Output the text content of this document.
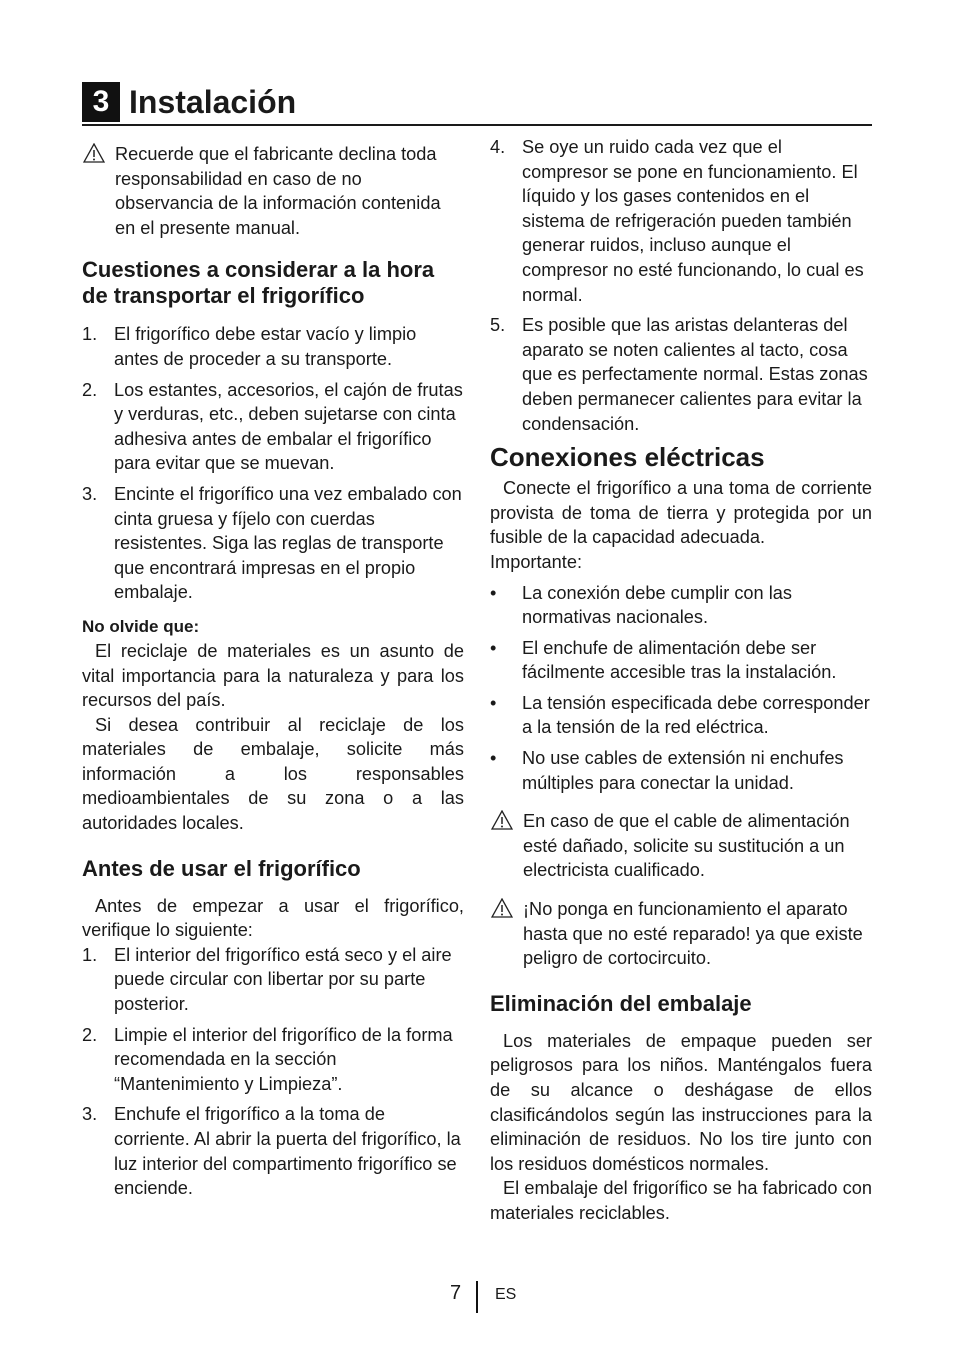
3 Instalación
Recuerde que el fabricante declina toda responsabilidad en caso de no observancia de la información contenida en el presente manual.
Cuestiones a considerar a la hora de transportar el frigorífico
1. El frigorífico debe estar vacío y limpio antes de proceder a su transporte.
2. Los estantes, accesorios, el cajón de frutas y verduras, etc., deben sujetarse con cinta adhesiva antes de embalar el frigorífico para evitar que se muevan.
3. Encinte el frigorífico una vez embalado con cinta gruesa y fíjelo con cuerdas resistentes. Siga las reglas de transporte que encontrará impresas en el propio embalaje.
No olvide que:

El reciclaje de materiales es un asunto de vital importancia para la naturaleza y para los recursos del país.

Si desea contribuir al reciclaje de los materiales de embalaje, solicite más información a los responsables medioambientales de su zona o a las autoridades locales.

Antes de usar el frigorífico

Antes de empezar a usar el frigorífico, verifique lo siguiente:

1. El interior del frigorífico está seco y el aire puede circular con libertar por su parte posterior.
2. Limpie el interior del frigorífico de la forma recomendada en la sección “Mantenimiento y Limpieza”.
3. Enchufe el frigorífico a la toma de corriente. Al abrir la puerta del frigorífico, la luz interior del compartimento frigorífico se enciende.
4. Se oye un ruido cada vez que el compresor se pone en funcionamiento. El líquido y los gases contenidos en el sistema de refrigeración pueden también generar ruidos, incluso aunque el compresor no esté funcionando, lo cual es normal.
5. Es posible que las aristas delanteras del aparato se noten calientes al tacto, cosa que es perfectamente normal. Estas zonas deben permanecer calientes para evitar la condensación.
Conexiones eléctricas

Conecte el frigorífico a una toma de corriente provista de toma de tierra y protegida por un fusible de la capacidad adecuada.

Importante:
• La conexión debe cumplir con las normativas nacionales.
• El enchufe de alimentación debe ser fácilmente accesible tras la instalación.
• La tensión especificada debe corresponder a la tensión de la red eléctrica.
• No use cables de extensión ni enchufes múltiples para conectar la unidad.
En caso de que el cable de alimentación esté dañado, solicite su sustitución a un electricista cualificado.
¡No ponga en funcionamiento el aparato hasta que no esté reparado! ya que existe peligro de cortocircuito.
Eliminación del embalaje

Los materiales de empaque pueden ser peligrosos para los niños. Manténgalos fuera de su alcance o deshágase de ellos clasificándolos según las instrucciones para la eliminación de residuos. No los tire junto con los residuos domésticos normales.

El embalaje del frigorífico se ha fabricado con materiales reciclables.

7 ES
